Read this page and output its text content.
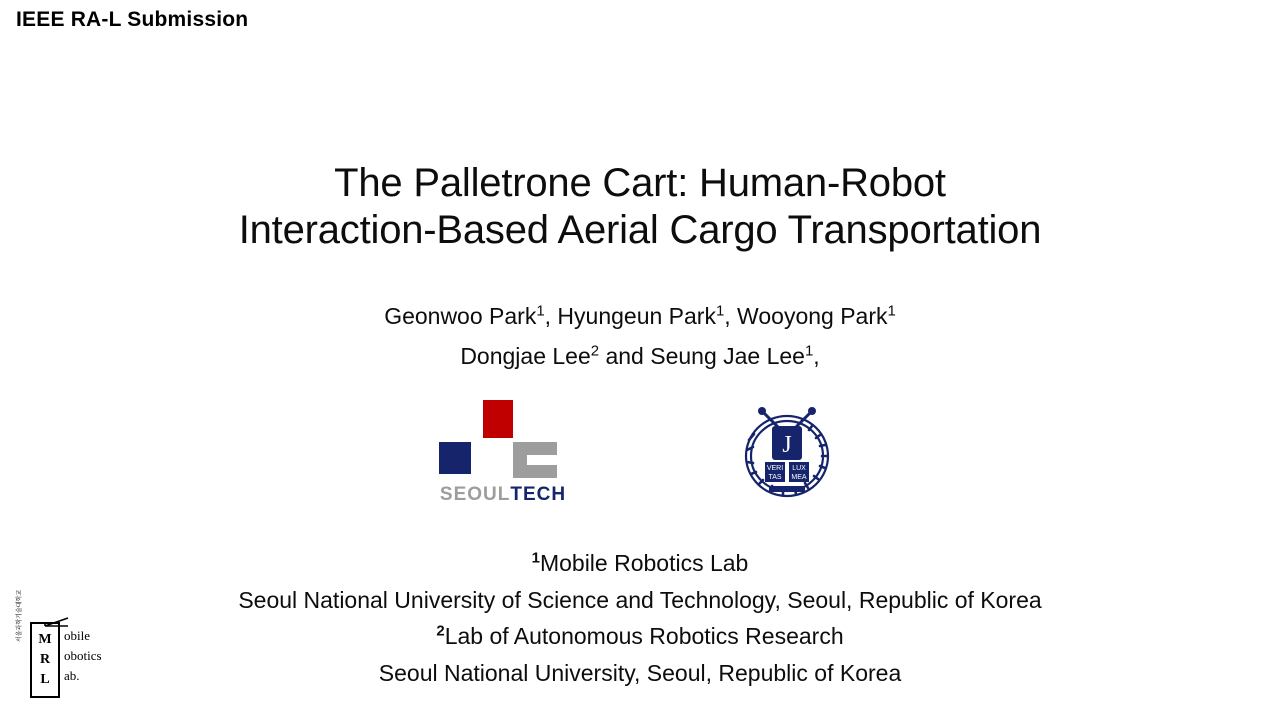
IEEE RA-L Submission
The Palletrone Cart: Human-Robot
Interaction-Based Aerial Cargo Transportation
Geonwoo Park$^1$, Hyungeun Park$^1$, Wooyong Park$^1$
Dongjae Lee$^2$ and Seung Jae Lee$^1$,
SEOULTECH
J
VERI
TAS
LUX
MEA
$^1$Mobile Robotics Lab
Seoul National University of Science and Technology, Seoul, Republic of Korea
$^2$Lab of Autonomous Robotics Research
Seoul National University, Seoul, Republic of Korea
M
R
L
obile
obotics
ab.
서울과학기술대학교
